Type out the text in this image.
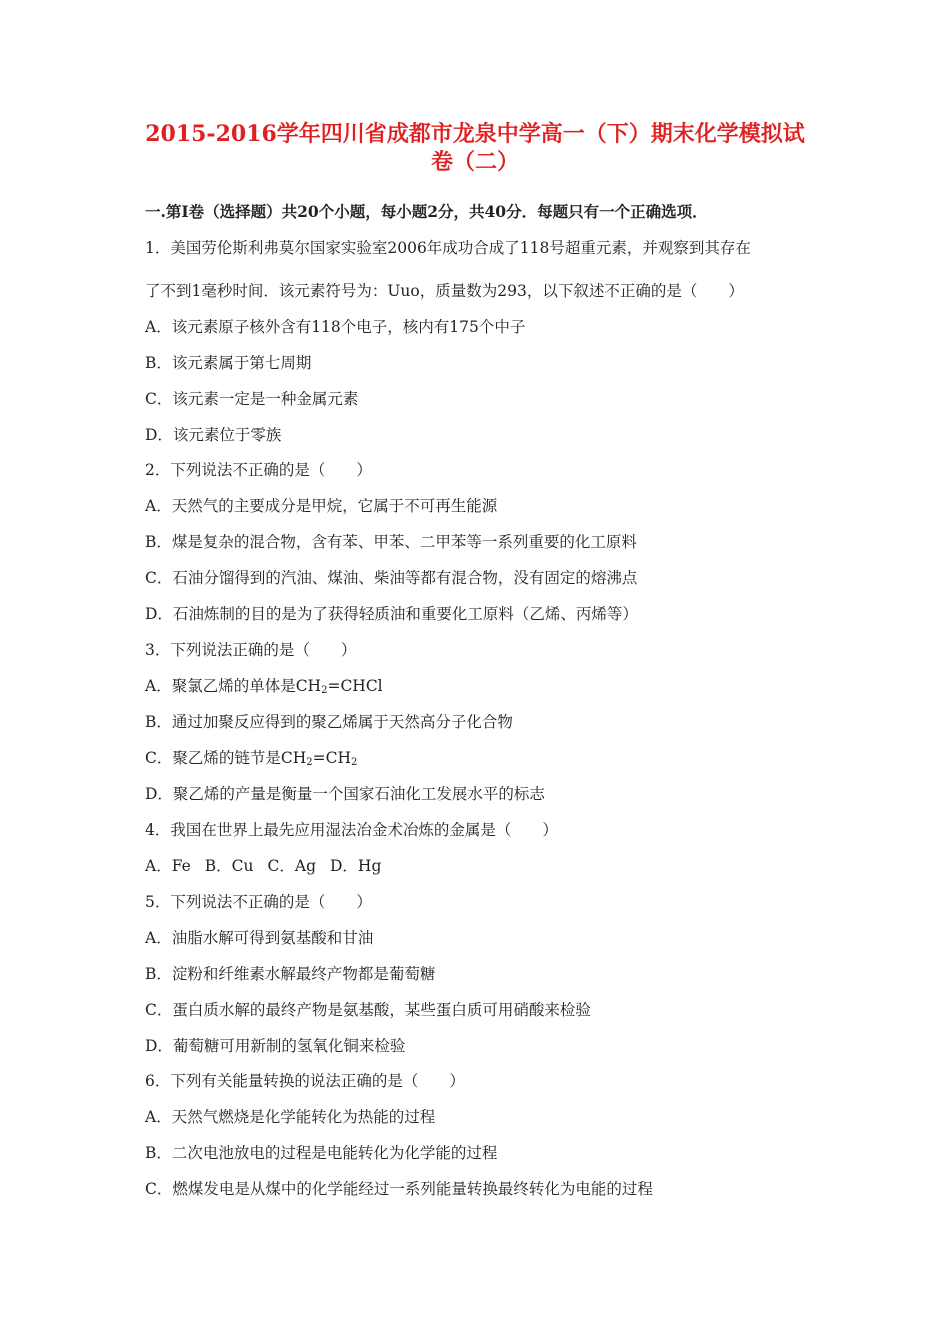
2015-2016学年四川省成都市龙泉中学高一（下）期末化学模拟试
卷（二）
一.第Ⅰ卷（选择题）共20个小题，每小题2分，共40分．每题只有一个正确选项．
1．美国劳伦斯利弗莫尔国家实验室2006年成功合成了118号超重元素，并观察到其存在
了不到1毫秒时间．该元素符号为：Uuo，质量数为293，以下叙述不正确的是（　　）
A．该元素原子核外含有118个电子，核内有175个中子
B．该元素属于第七周期
C．该元素一定是一种金属元素
D．该元素位于零族
2．下列说法不正确的是（　　）
A．天然气的主要成分是甲烷，它属于不可再生能源
B．煤是复杂的混合物，含有苯、甲苯、二甲苯等一系列重要的化工原料
C．石油分馏得到的汽油、煤油、柴油等都有混合物，没有固定的熔沸点
D．石油炼制的目的是为了获得轻质油和重要化工原料（乙烯、丙烯等）
3．下列说法正确的是（　　）
A．聚氯乙烯的单体是$CH_2=CHCl$
B．通过加聚反应得到的聚乙烯属于天然高分子化合物
C．聚乙烯的链节是$CH_2=CH_2$
D．聚乙烯的产量是衡量一个国家石油化工发展水平的标志
4．我国在世界上最先应用湿法冶金术冶炼的金属是（　　）
A．Fe B．Cu C．Ag D．Hg
5．下列说法不正确的是（　　）
A．油脂水解可得到氨基酸和甘油
B．淀粉和纤维素水解最终产物都是葡萄糖
C．蛋白质水解的最终产物是氨基酸，某些蛋白质可用硝酸来检验
D．葡萄糖可用新制的氢氧化铜来检验
6．下列有关能量转换的说法正确的是（　　）
A．天然气燃烧是化学能转化为热能的过程
B．二次电池放电的过程是电能转化为化学能的过程
C．燃煤发电是从煤中的化学能经过一系列能量转换最终转化为电能的过程
